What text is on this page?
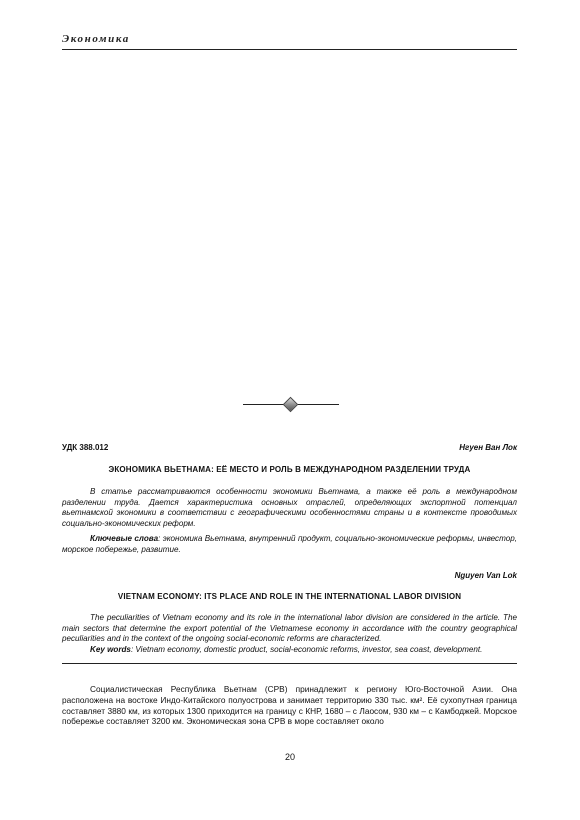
Экономика
УДК 388.012	Нгуен Ван Лок
ЭКОНОМИКА ВЬЕТНАМА: ЕЁ МЕСТО И РОЛЬ В МЕЖДУНАРОДНОМ РАЗДЕЛЕНИИ ТРУДА
В статье рассматриваются особенности экономики Вьетнама, а также её роль в международном разделении труда. Дается характеристика основных отраслей, определяющих экспортной потенциал вьетнамской экономики в соответствии с географическими особенностями страны и в контексте проводимых социально-экономических реформ.
Ключевые слова: экономика Вьетнама, внутренний продукт, социально-экономические реформы, инвестор, морское побережье, развитие.
Nguyen Van Lok
VIETNAM ECONOMY: ITS PLACE AND ROLE IN THE INTERNATIONAL LABOR DIVISION
The peculiarities of Vietnam economy and its role in the international labor division are considered in the article. The main sectors that determine the export potential of the Vietnamese economy in accordance with the country geographical peculiarities and in the context of the ongoing social-economic reforms are characterized.
Key words: Vietnam economy, domestic product, social-economic reforms, investor, sea coast, development.
Социалистическая Республика Вьетнам (СРВ) принадлежит к региону Юго-Восточной Азии. Она расположена на востоке Индо-Китайского полуострова и занимает территорию 330 тыс. км². Её сухопутная граница составляет 3880 км, из которых 1300 приходится на границу с КНР, 1680 – с Лаосом, 930 км – с Камбоджей. Морское побережье составляет 3200 км. Экономическая зона СРВ в море составляет около
20
